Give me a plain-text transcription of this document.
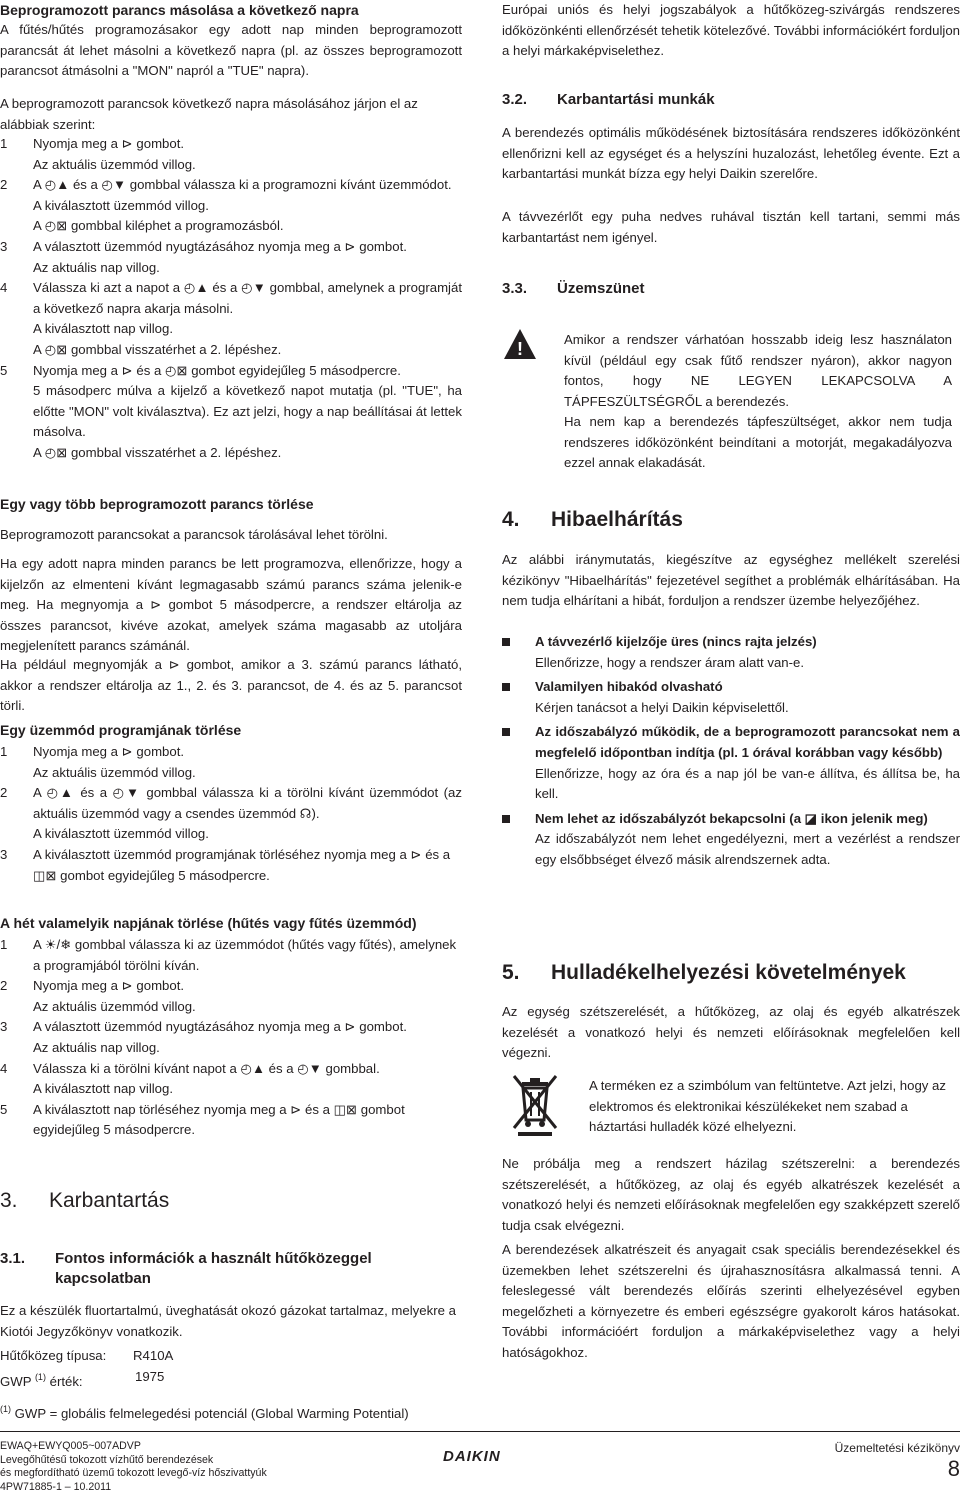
Beprogramozott parancs másolása a következő napra

A fűtés/hűtés programozásakor egy adott nap minden beprogramozott parancsát át lehet másolni a következő napra (pl. az összes beprogramozott parancsot átmásolni a "MON" napról a "TUE" napra).

A beprogramozott parancsok következő napra másolásához járjon el az alábbiak szerint:

1 Nyomja meg a ⊳ gombot.
Az aktuális üzemmód villog.
2 A ◴▲ és a ◴▼ gombbal válassza ki a programozni kívánt üzemmódot.
A kiválasztott üzemmód villog.
A ◴⊠ gombbal kiléphet a programozásból.
3 A választott üzemmód nyugtázásához nyomja meg a ⊳ gombot.
Az aktuális nap villog.
4 Válassza ki azt a napot a ◴▲ és a ◴▼ gombbal, amelynek a programját a következő napra akarja másolni.
A kiválasztott nap villog.
A ◴⊠ gombbal visszatérhet a 2. lépéshez.
5 Nyomja meg a ⊳ és a ◴⊠ gombot egyidejűleg 5 másodpercre.
5 másodperc múlva a kijelző a következő napot mutatja (pl. "TUE", ha előtte "MON" volt kiválasztva). Ez azt jelzi, hogy a nap beállításai át lettek másolva.
A ◴⊠ gombbal visszatérhet a 2. lépéshez.
Egy vagy több beprogramozott parancs törlése

Beprogramozott parancsokat a parancsok tárolásával lehet törölni.

Ha egy adott napra minden parancs be lett programozva, ellenőrizze, hogy a kijelzőn az elmenteni kívánt legmagasabb számú parancs száma jelenik-e meg. Ha megnyomja a ⊳ gombot 5 másodpercre, a rendszer eltárolja az összes parancsot, kivéve azokat, amelyek száma magasabb az utoljára megjelenített parancs számánál.

Ha például megnyomják a ⊳ gombot, amikor a 3. számú parancs látható, akkor a rendszer eltárolja az 1., 2. és 3. parancsot, de 4. és az 5. parancsot törli.

Egy üzemmód programjának törlése
1 Nyomja meg a ⊳ gombot.
Az aktuális üzemmód villog.
2 A ◴▲ és a ◴▼ gombbal válassza ki a törölni kívánt üzemmódot (az aktuális üzemmód vagy a csendes üzemmód ☊).
A kiválasztott üzemmód villog.
3 A kiválasztott üzemmód programjának törléséhez nyomja meg a ⊳ és a ◫⊠ gombot egyidejűleg 5 másodpercre.
A hét valamelyik napjának törlése (hűtés vagy fűtés üzemmód)
1 A ☀/❄ gombbal válassza ki az üzemmódot (hűtés vagy fűtés), amelynek a programjából törölni kíván.
2 Nyomja meg a ⊳ gombot.
Az aktuális üzemmód villog.
3 A választott üzemmód nyugtázásához nyomja meg a ⊳ gombot.
Az aktuális nap villog.
4 Válassza ki a törölni kívánt napot a ◴▲ és a ◴▼ gombbal.
A kiválasztott nap villog.
5 A kiválasztott nap törléséhez nyomja meg a ⊳ és a ◫⊠ gombot egyidejűleg 5 másodpercre.
3. Karbantartás
3.1. Fontos információk a használt hűtőközeggel kapcsolatban

Ez a készülék fluortartalmú, üveghatását okozó gázokat tartalmaz, melyekre a Kiotói Jegyzőkönyv vonatkozik.

Hűtőközeg típusa: R410A
GWP $^{(1)}$ érték:	1975
$^{(1)}$ GWP = globális felmelegedési potenciál (Global Warming Potential)

Európai uniós és helyi jogszabályok a hűtőközeg-szivárgás rendszeres időközönkénti ellenőrzését tehetik kötelezővé. További információkért forduljon a helyi márkaképviselethez.

3.2. Karbantartási munkák

A berendezés optimális működésének biztosítására rendszeres időközönként ellenőrizni kell az egységet és a helyszíni huzalozást, lehetőleg évente. Ezt a karbantartási munkát bízza egy helyi Daikin szerelőre.

A távvezérlőt egy puha nedves ruhával tisztán kell tartani, semmi más karbantartást nem igényel.

3.3. Üzemszünet
!	Amikor a rendszer várhatóan hosszabb ideig lesz használaton kívül (például egy csak fűtő rendszer nyáron), akkor nagyon fontos, hogy NE LEGYEN LEKAPCSOLVA A TÁPFESZÜLTSÉGRŐL a berendezés.

Ha nem kap a berendezés tápfeszültséget, akkor nem tudja rendszeres időközönként beindítani a motorját, megakadályozva ezzel annak elakadását.

4. Hibaelhárítás

Az alábbi iránymutatás, kiegészítve az egységhez mellékelt szerelési kézikönyv "Hibaelhárítás" fejezetével segíthet a problémák elhárításában. Ha nem tudja elhárítani a hibát, forduljon a rendszer üzembe helyezőjéhez.

A távvezérlő kijelzője üres (nincs rajta jelzés)
Ellenőrizze, hogy a rendszer áram alatt van-e.
Valamilyen hibakód olvasható
Kérjen tanácsot a helyi Daikin képviselettől.
Az időszabályzó működik, de a beprogramozott parancsokat nem a megfelelő időpontban indítja (pl. 1 órával korábban vagy később)
Ellenőrizze, hogy az óra és a nap jól be van-e állítva, és állítsa be, ha kell.
Nem lehet az időszabályzót bekapcsolni (a ◪ ikon jelenik meg)
Az időszabályzót nem lehet engedélyezni, mert a vezérlést a rendszer egy elsőbbséget élvező másik alrendszernek adta.
5. Hulladékelhelyezési követelmények

Az egység szétszerelését, a hűtőközeg, az olaj és egyéb alkatrészek kezelését a vonatkozó helyi és nemzeti előírásoknak megfelelően kell végezni.

A terméken ez a szimbólum van feltüntetve. Azt jelzi, hogy az elektromos és elektronikai készülékeket nem szabad a háztartási hulladék közé elhelyezni.

Ne próbálja meg a rendszert házilag szétszerelni: a berendezés szétszerelését, a hűtőközeg, az olaj és egyéb alkatrészek kezelését a vonatkozó helyi és nemzeti előírásoknak megfelelően egy szakképzett szerelő tudja csak elvégezni.

A berendezések alkatrészeit és anyagait csak speciális berendezésekkel és üzemekben lehet szétszerelni és újrahasznosításra alkalmassá tenni. A feleslegessé vált berendezés előírás szerinti elhelyezésével egyben megelőzheti a környezetre és emberi egészségre gyakorolt káros hatásokat. További információért forduljon a márkaképviselethez vagy a helyi hatóságokhoz.

EWAQ+EWYQ005~007ADVP
Levegőhűtésű tokozott vízhűtő berendezések
és megfordítható üzemű tokozott levegő-víz hőszivattyúk
4PW71885-1 – 10.2011
DAIKIN	Üzemeltetési kézikönyv
8
